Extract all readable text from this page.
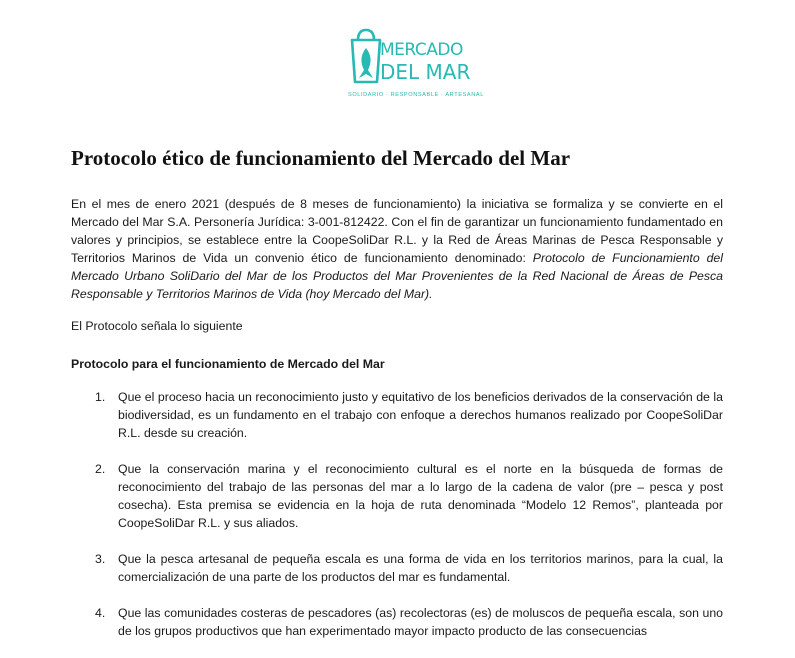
MERCADO
DEL MAR
SOLIDARIO · RESPONSABLE · ARTESANAL
Protocolo ético de funcionamiento del Mercado del Mar

En el mes de enero 2021 (después de 8 meses de funcionamiento) la iniciativa se formaliza y se convierte en el Mercado del Mar S.A. Personería Jurídica: 3-001-812422. Con el fin de garantizar un funcionamiento fundamentado en valores y principios, se establece entre la CoopeSoliDar R.L. y la Red de Áreas Marinas de Pesca Responsable y Territorios Marinos de Vida un convenio ético de funcionamiento denominado: Protocolo de Funcionamiento del Mercado Urbano SoliDario del Mar de los Productos del Mar Provenientes de la Red Nacional de Áreas de Pesca Responsable y Territorios Marinos de Vida (hoy Mercado del Mar).

El Protocolo señala lo siguiente

Protocolo para el funcionamiento de Mercado del Mar

1. Que el proceso hacia un reconocimiento justo y equitativo de los beneficios derivados de la conservación de la biodiversidad, es un fundamento en el trabajo con enfoque a derechos humanos realizado por CoopeSoliDar R.L. desde su creación.
2. Que la conservación marina y el reconocimiento cultural es el norte en la búsqueda de formas de reconocimiento del trabajo de las personas del mar a lo largo de la cadena de valor (pre – pesca y post cosecha). Esta premisa se evidencia en la hoja de ruta denominada “Modelo 12 Remos”, planteada por CoopeSoliDar R.L. y sus aliados.
3. Que la pesca artesanal de pequeña escala es una forma de vida en los territorios marinos, para la cual, la comercialización de una parte de los productos del mar es fundamental.
4. Que las comunidades costeras de pescadores (as) recolectoras (es) de moluscos de pequeña escala, son uno de los grupos productivos que han experimentado mayor impacto producto de las consecuencias
